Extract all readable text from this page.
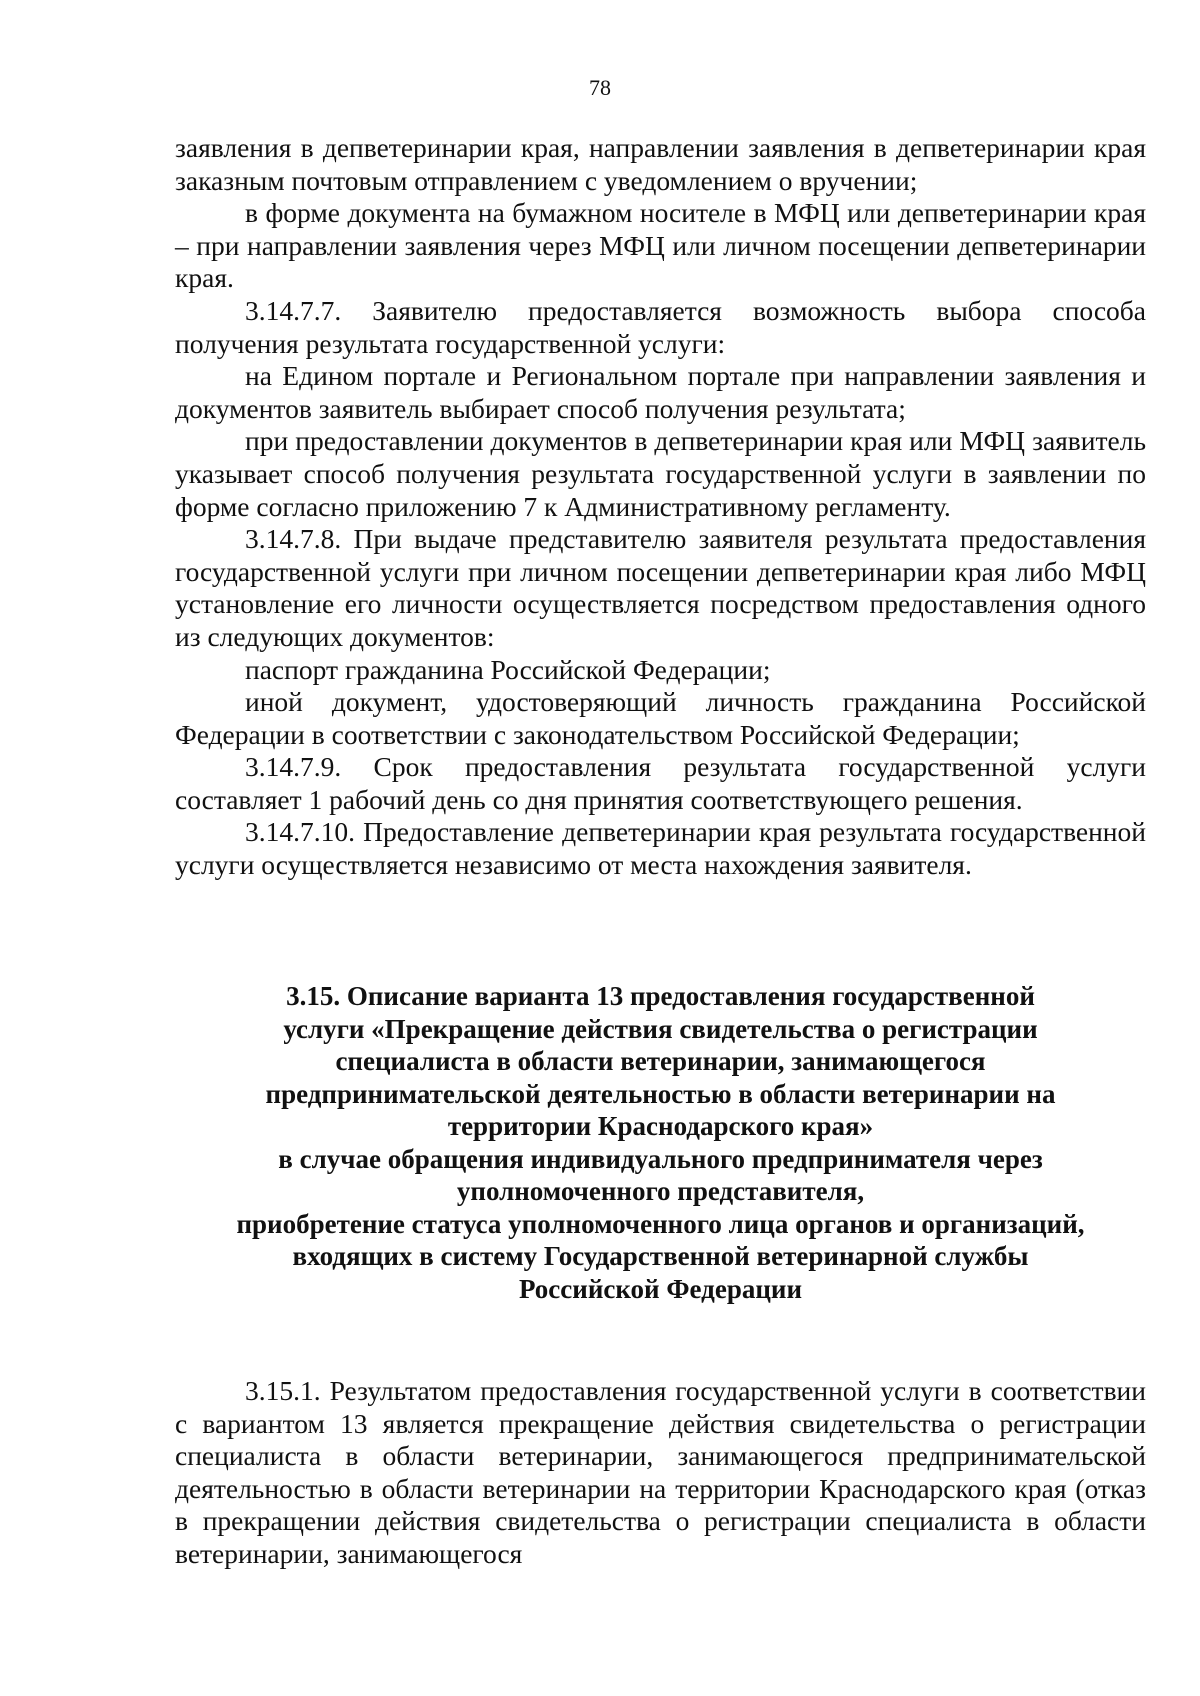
78

заявления в депветеринарии края, направлении заявления в депветеринарии края заказным почтовым отправлением с уведомлением о вручении;

в форме документа на бумажном носителе в МФЦ или депветеринарии края – при направлении заявления через МФЦ или личном посещении депветеринарии края.

3.14.7.7. Заявителю предоставляется возможность выбора способа получения результата государственной услуги:

на Едином портале и Региональном портале при направлении заявления и документов заявитель выбирает способ получения результата;

при предоставлении документов в депветеринарии края или МФЦ заявитель указывает способ получения результата государственной услуги в заявлении по форме согласно приложению 7 к Административному регламенту.

3.14.7.8. При выдаче представителю заявителя результата предоставления государственной услуги при личном посещении депветеринарии края либо МФЦ установление его личности осуществляется посредством предоставления одного из следующих документов:

паспорт гражданина Российской Федерации;

иной документ, удостоверяющий личность гражданина Российской Федерации в соответствии с законодательством Российской Федерации;

3.14.7.9. Срок предоставления результата государственной услуги составляет 1 рабочий день со дня принятия соответствующего решения.

3.14.7.10. Предоставление депветеринарии края результата государственной услуги осуществляется независимо от места нахождения заявителя.

3.15. Описание варианта 13 предоставления государственной
услуги «Прекращение действия свидетельства о регистрации
специалиста в области ветеринарии, занимающегося
предпринимательской деятельностью в области ветеринарии на
территории Краснодарского края»
в случае обращения индивидуального предпринимателя через
уполномоченного представителя,
приобретение статуса уполномоченного лица органов и организаций,
входящих в систему Государственной ветеринарной службы
Российской Федерации

3.15.1. Результатом предоставления государственной услуги в соответствии с вариантом 13 является прекращение действия свидетельства о регистрации специалиста в области ветеринарии, занимающегося предпринимательской деятельностью в области ветеринарии на территории Краснодарского края (отказ в прекращении действия свидетельства о регистрации специалиста в области ветеринарии, занимающегося
